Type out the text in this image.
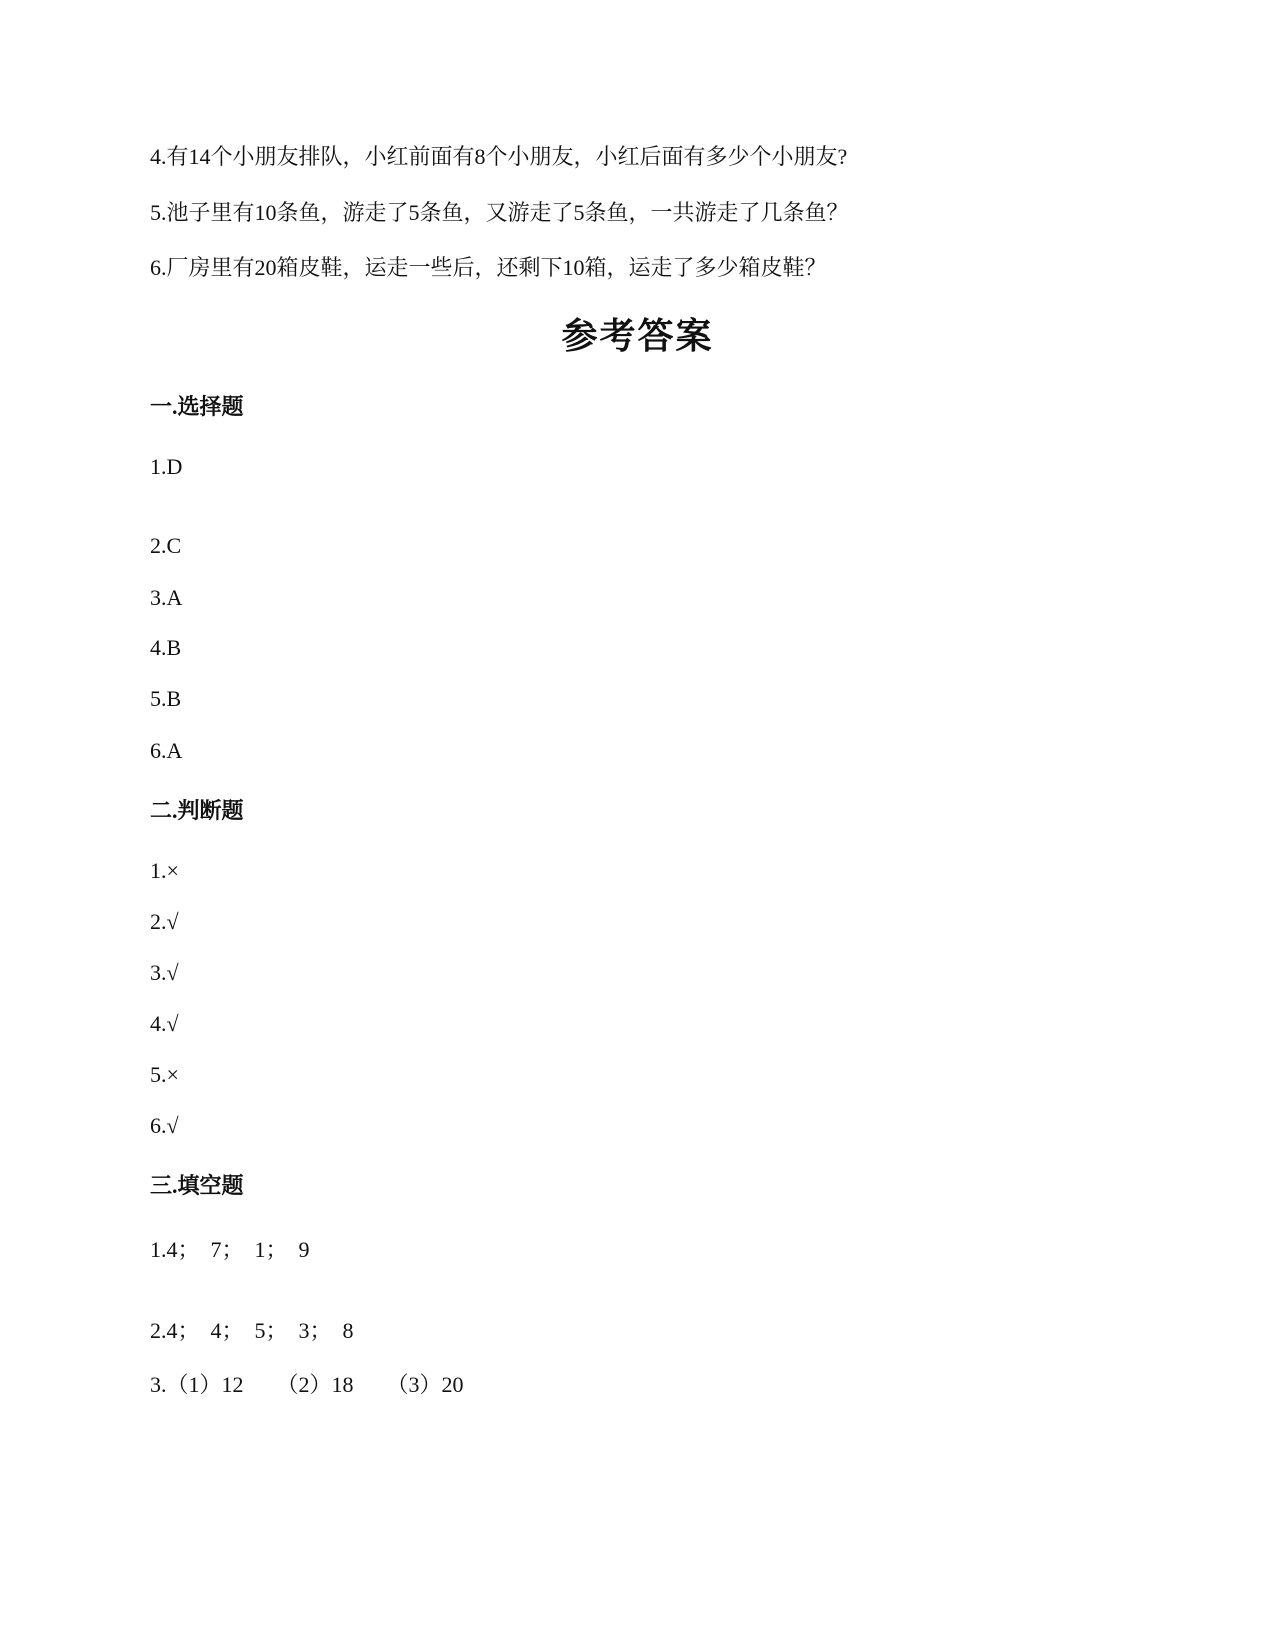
4.有14个小朋友排队，小红前面有8个小朋友，小红后面有多少个小朋友?
5.池子里有10条鱼，游走了5条鱼，又游走了5条鱼，一共游走了几条鱼？
6.厂房里有20箱皮鞋，运走一些后，还剩下10箱，运走了多少箱皮鞋？
参考答案
一.选择题
1.D
2.C
3.A
4.B
5.B
6.A
二.判断题
1.×
2.√
3.√
4.√
5.×
6.√
三.填空题
1.4；  7；  1；  9
2.4；  4；  5；  3；  8
3.（1）12      （2）18      （3）20
